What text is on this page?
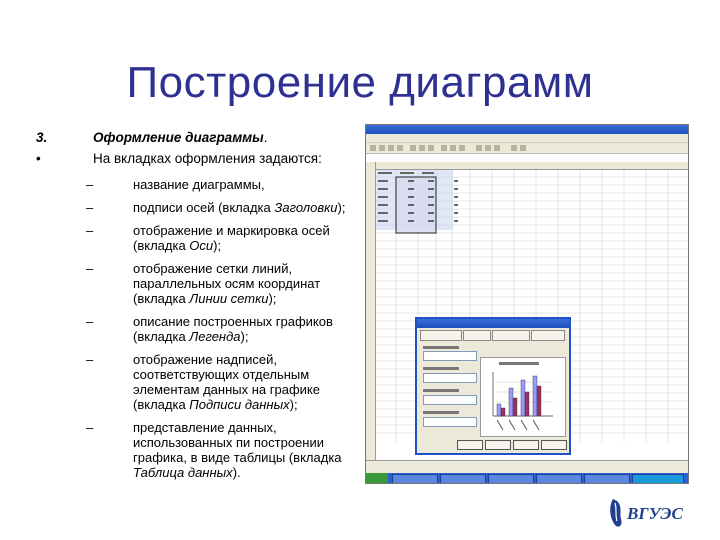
Построение диаграмм
3.	Оформление диаграммы.
•	На вкладках оформления задаются:
–	название диаграммы,
–	подписи осей (вкладка Заголовки);
–	отображение и маркировка осей (вкладка Оси);
–	отображение сетки линий, параллельных осям координат (вкладка Линии сетки);
–	описание построенных графиков (вкладка Легенда);
–	отображение надписей, соответствующих отдельным элементам данных на графике (вкладка Подписи данных);
–	представление данных, использованных пи построении графика, в виде таблицы (вкладка Таблица данных).
ВГУЭС
